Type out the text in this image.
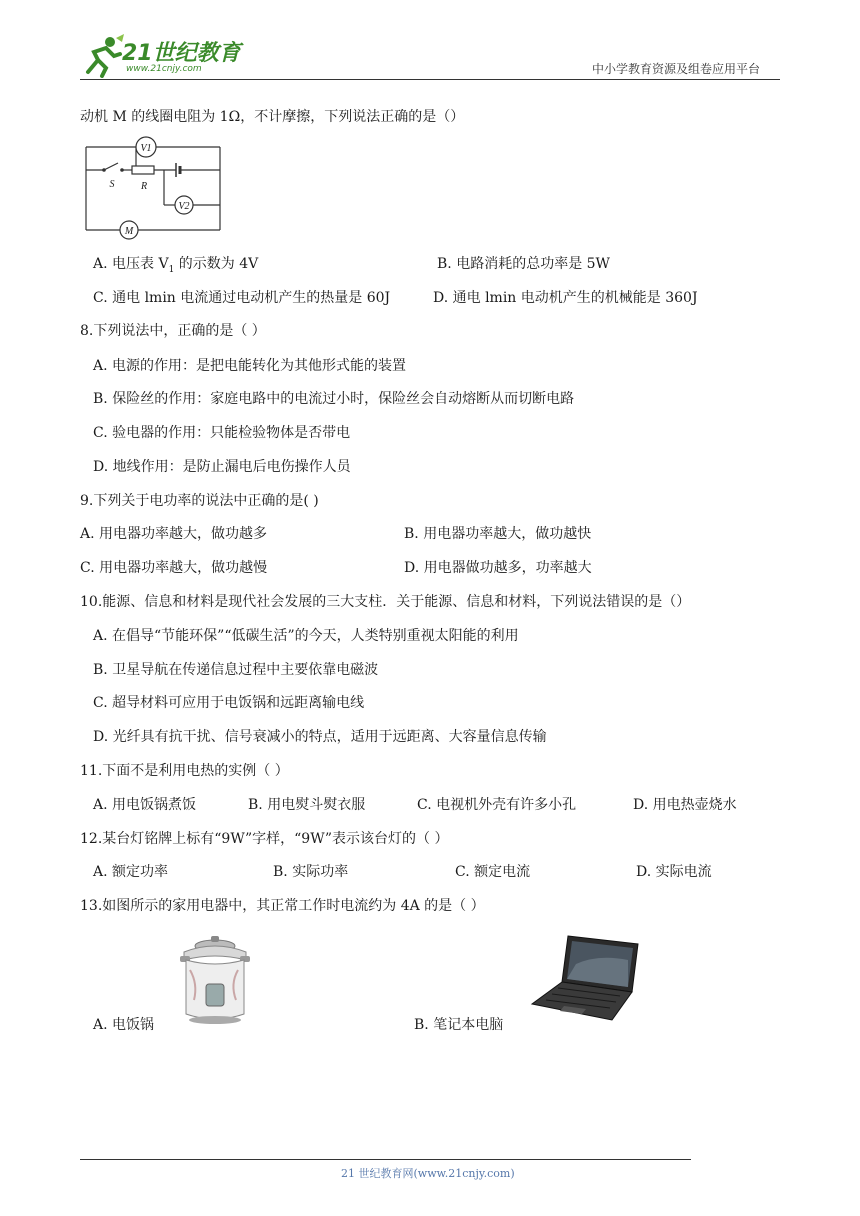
21世纪教育
www.21cnjy.com	中小学教育资源及组卷应用平台
动机 M 的线圈电阻为 1Ω，不计摩擦，下列说法正确的是（）
V1
S	R
V2
M
A. 电压表 $V_1$ 的示数为 4V	B. 电路消耗的总功率是 5W
C. 通电 lmin 电流通过电动机产生的热量是 60J	D. 通电 lmin 电动机产生的机械能是 360J
8.下列说法中，正确的是（ ）
A. 电源的作用：是把电能转化为其他形式能的装置
B. 保险丝的作用：家庭电路中的电流过小时，保险丝会自动熔断从而切断电路
C. 验电器的作用：只能检验物体是否带电
D. 地线作用：是防止漏电后电伤操作人员
9.下列关于电功率的说法中正确的是( )
A. 用电器功率越大，做功越多	B. 用电器功率越大，做功越快
C. 用电器功率越大，做功越慢	D. 用电器做功越多，功率越大
10.能源、信息和材料是现代社会发展的三大支柱．关于能源、信息和材料，下列说法错误的是（）
A. 在倡导“节能环保”“低碳生活”的今天，人类特别重视太阳能的利用
B. 卫星导航在传递信息过程中主要依靠电磁波
C. 超导材料可应用于电饭锅和远距离输电线
D. 光纤具有抗干扰、信号衰减小的特点，适用于远距离、大容量信息传输
11.下面不是利用电热的实例（ ）
A. 用电饭锅煮饭	B. 用电熨斗熨衣服	C. 电视机外壳有许多小孔	D. 用电热壶烧水
12.某台灯铭牌上标有“9W”字样，“9W”表示该台灯的（ ）
A. 额定功率	B. 实际功率	C. 额定电流	D. 实际电流
13.如图所示的家用电器中，其正常工作时电流约为 4A 的是（ ）
A. 电饭锅	B. 笔记本电脑
21 世纪教育网(www.21cnjy.com)
